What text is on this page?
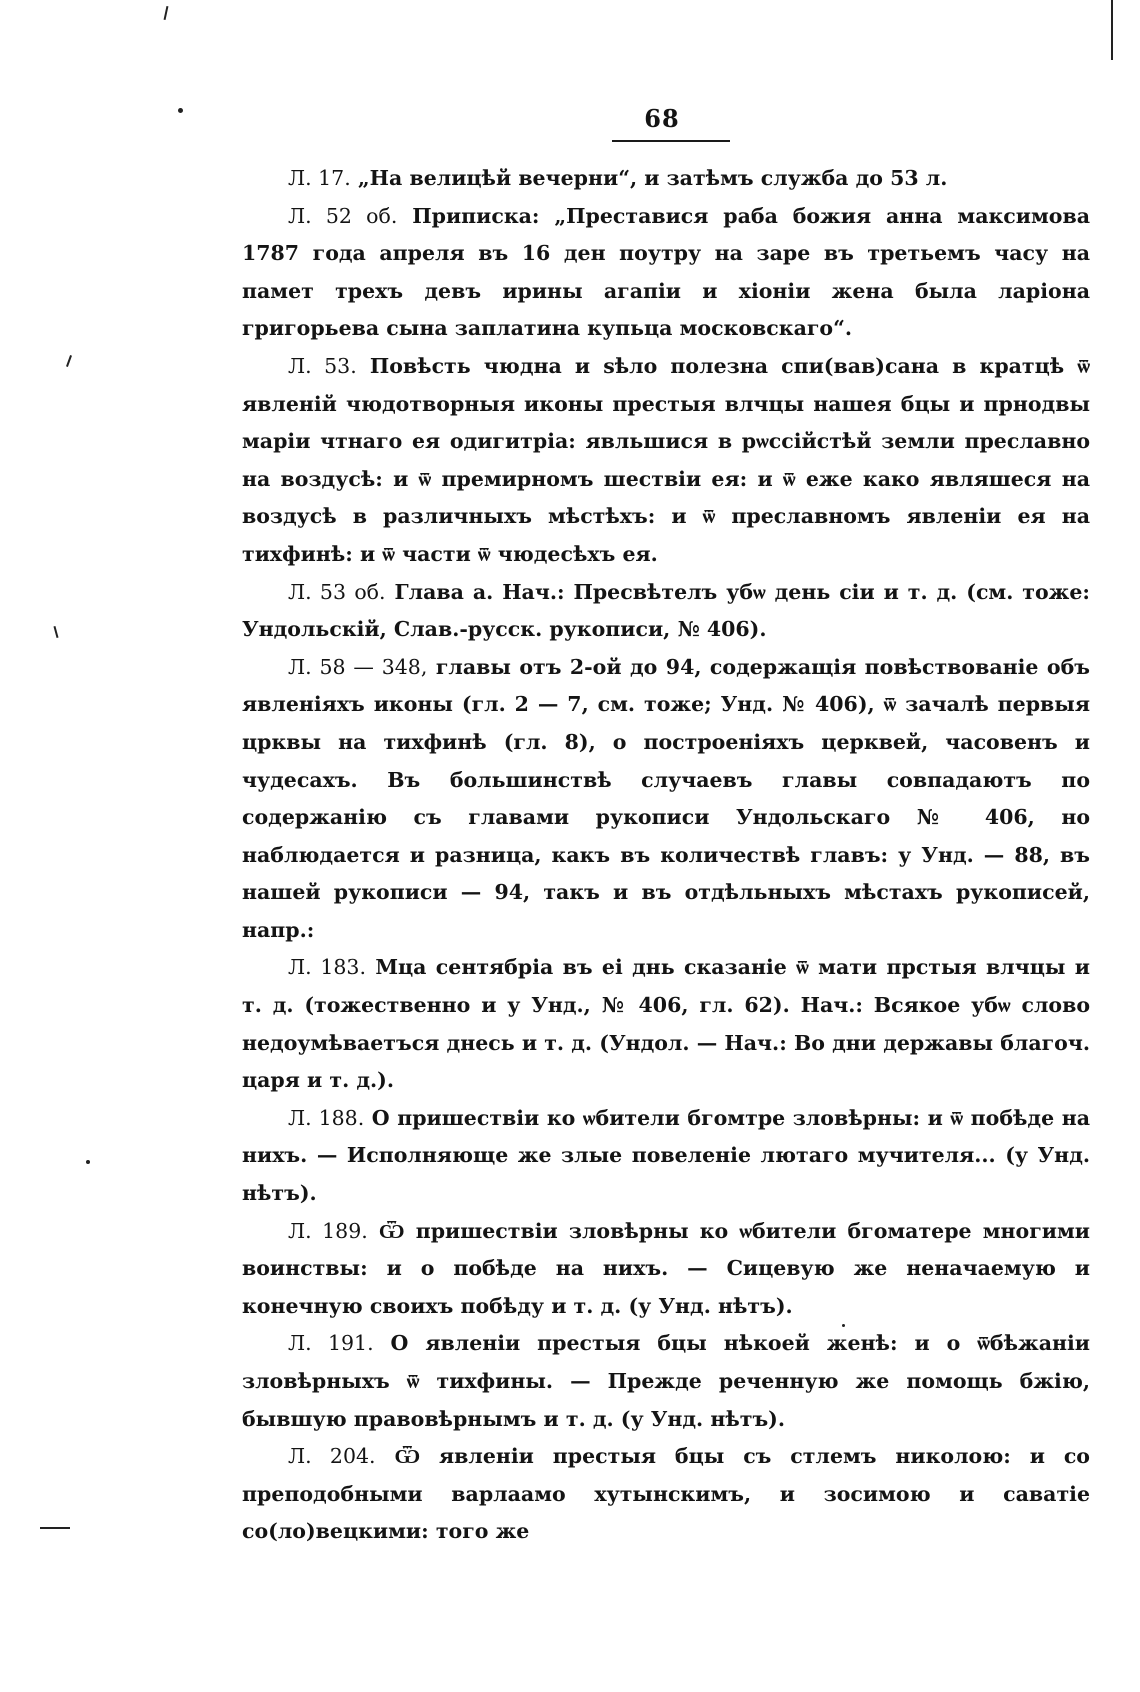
68

Л. 17. „На велицѣй вечерни“, и затѣмъ служба до 53 л.

Л. 52 об. Приписка: „Преставися раба божия анна максимова 1787 года апреля въ 16 ден поутру на заре въ третьемъ часу на памет трехъ девъ ирины агапiи и хiонiи жена была ларiона григорьева сына заплатина купьца московскаго“.

Л. 53. Повѣсть чюдна и ѕѣло полезна спи(вав)сана в кратцѣ ѿ явленiй чюдотворныя иконы престыя влчцы нашея бцы и прнодвы марiи чтнаго ея одигитрiа: явльшися в рѡссiйстѣй земли преславно на воздусѣ: и ѿ премирномъ шествiи ея: и ѿ еже како являшеся на воздусѣ в различныхъ мѣстѣхъ: и ѿ преславномъ явленiи ея на тихфинѣ: и ѿ части ѿ чюдесѣхъ ея.

Л. 53 об. Глава а. Нач.: Пресвѣтелъ убѡ день сiи и т. д. (см. тоже: Ундольскiй, Слав.-русск. рукописи, № 406).

Л. 58 — 348, главы отъ 2-ой до 94, содержащiя повѣствованiе объ явленiяхъ иконы (гл. 2 — 7, см. тоже; Унд. № 406), ѿ зачалѣ первыя црквы на тихфинѣ (гл. 8), о построенiяхъ церквей, часовенъ и чудесахъ. Въ большинствѣ случаевъ главы совпадаютъ по содержанiю съ главами рукописи Ундольскаго № 406, но наблюдается и разница, какъ въ количествѣ главъ: у Унд. — 88, въ нашей рукописи — 94, такъ и въ отдѣльныхъ мѣстахъ рукописей, напр.:

Л. 183. Мца сентябрiа въ ei днь сказанiе ѿ мати прстыя влчцы и т. д. (тожественно и у Унд., № 406, гл. 62). Нач.: Всякое убѡ слово недоумѣваетъся днесь и т. д. (Ундол. — Нач.: Во дни державы благоч. царя и т. д.).

Л. 188. О пришествiи ко ѡбители бгомтре зловѣрны: и ѿ побѣде на нихъ. — Исполняюще же злые повеленiе лютаго мучителя... (у Унд. нѣтъ).

Л. 189. Ѿ пришествiи зловѣрны ко ѡбители бгоматере многими воинствы: и о побѣде на нихъ. — Сицевую же неначаемую и конечную своихъ побѣду и т. д. (у Унд. нѣтъ).

Л. 191. О явленiи престыя бцы нѣкоей женѣ: и о ѿбѣжанiи зловѣрныхъ ѿ тихфины. — Прежде реченную же помощь бжiю, бывшую правовѣрнымъ и т. д. (у Унд. нѣтъ).

Л. 204. Ѿ явленiи престыя бцы съ стлемъ николою: и со преподобными варлаамо хутынскимъ, и зосимою и саватiе со(ло)вецкими: того же
